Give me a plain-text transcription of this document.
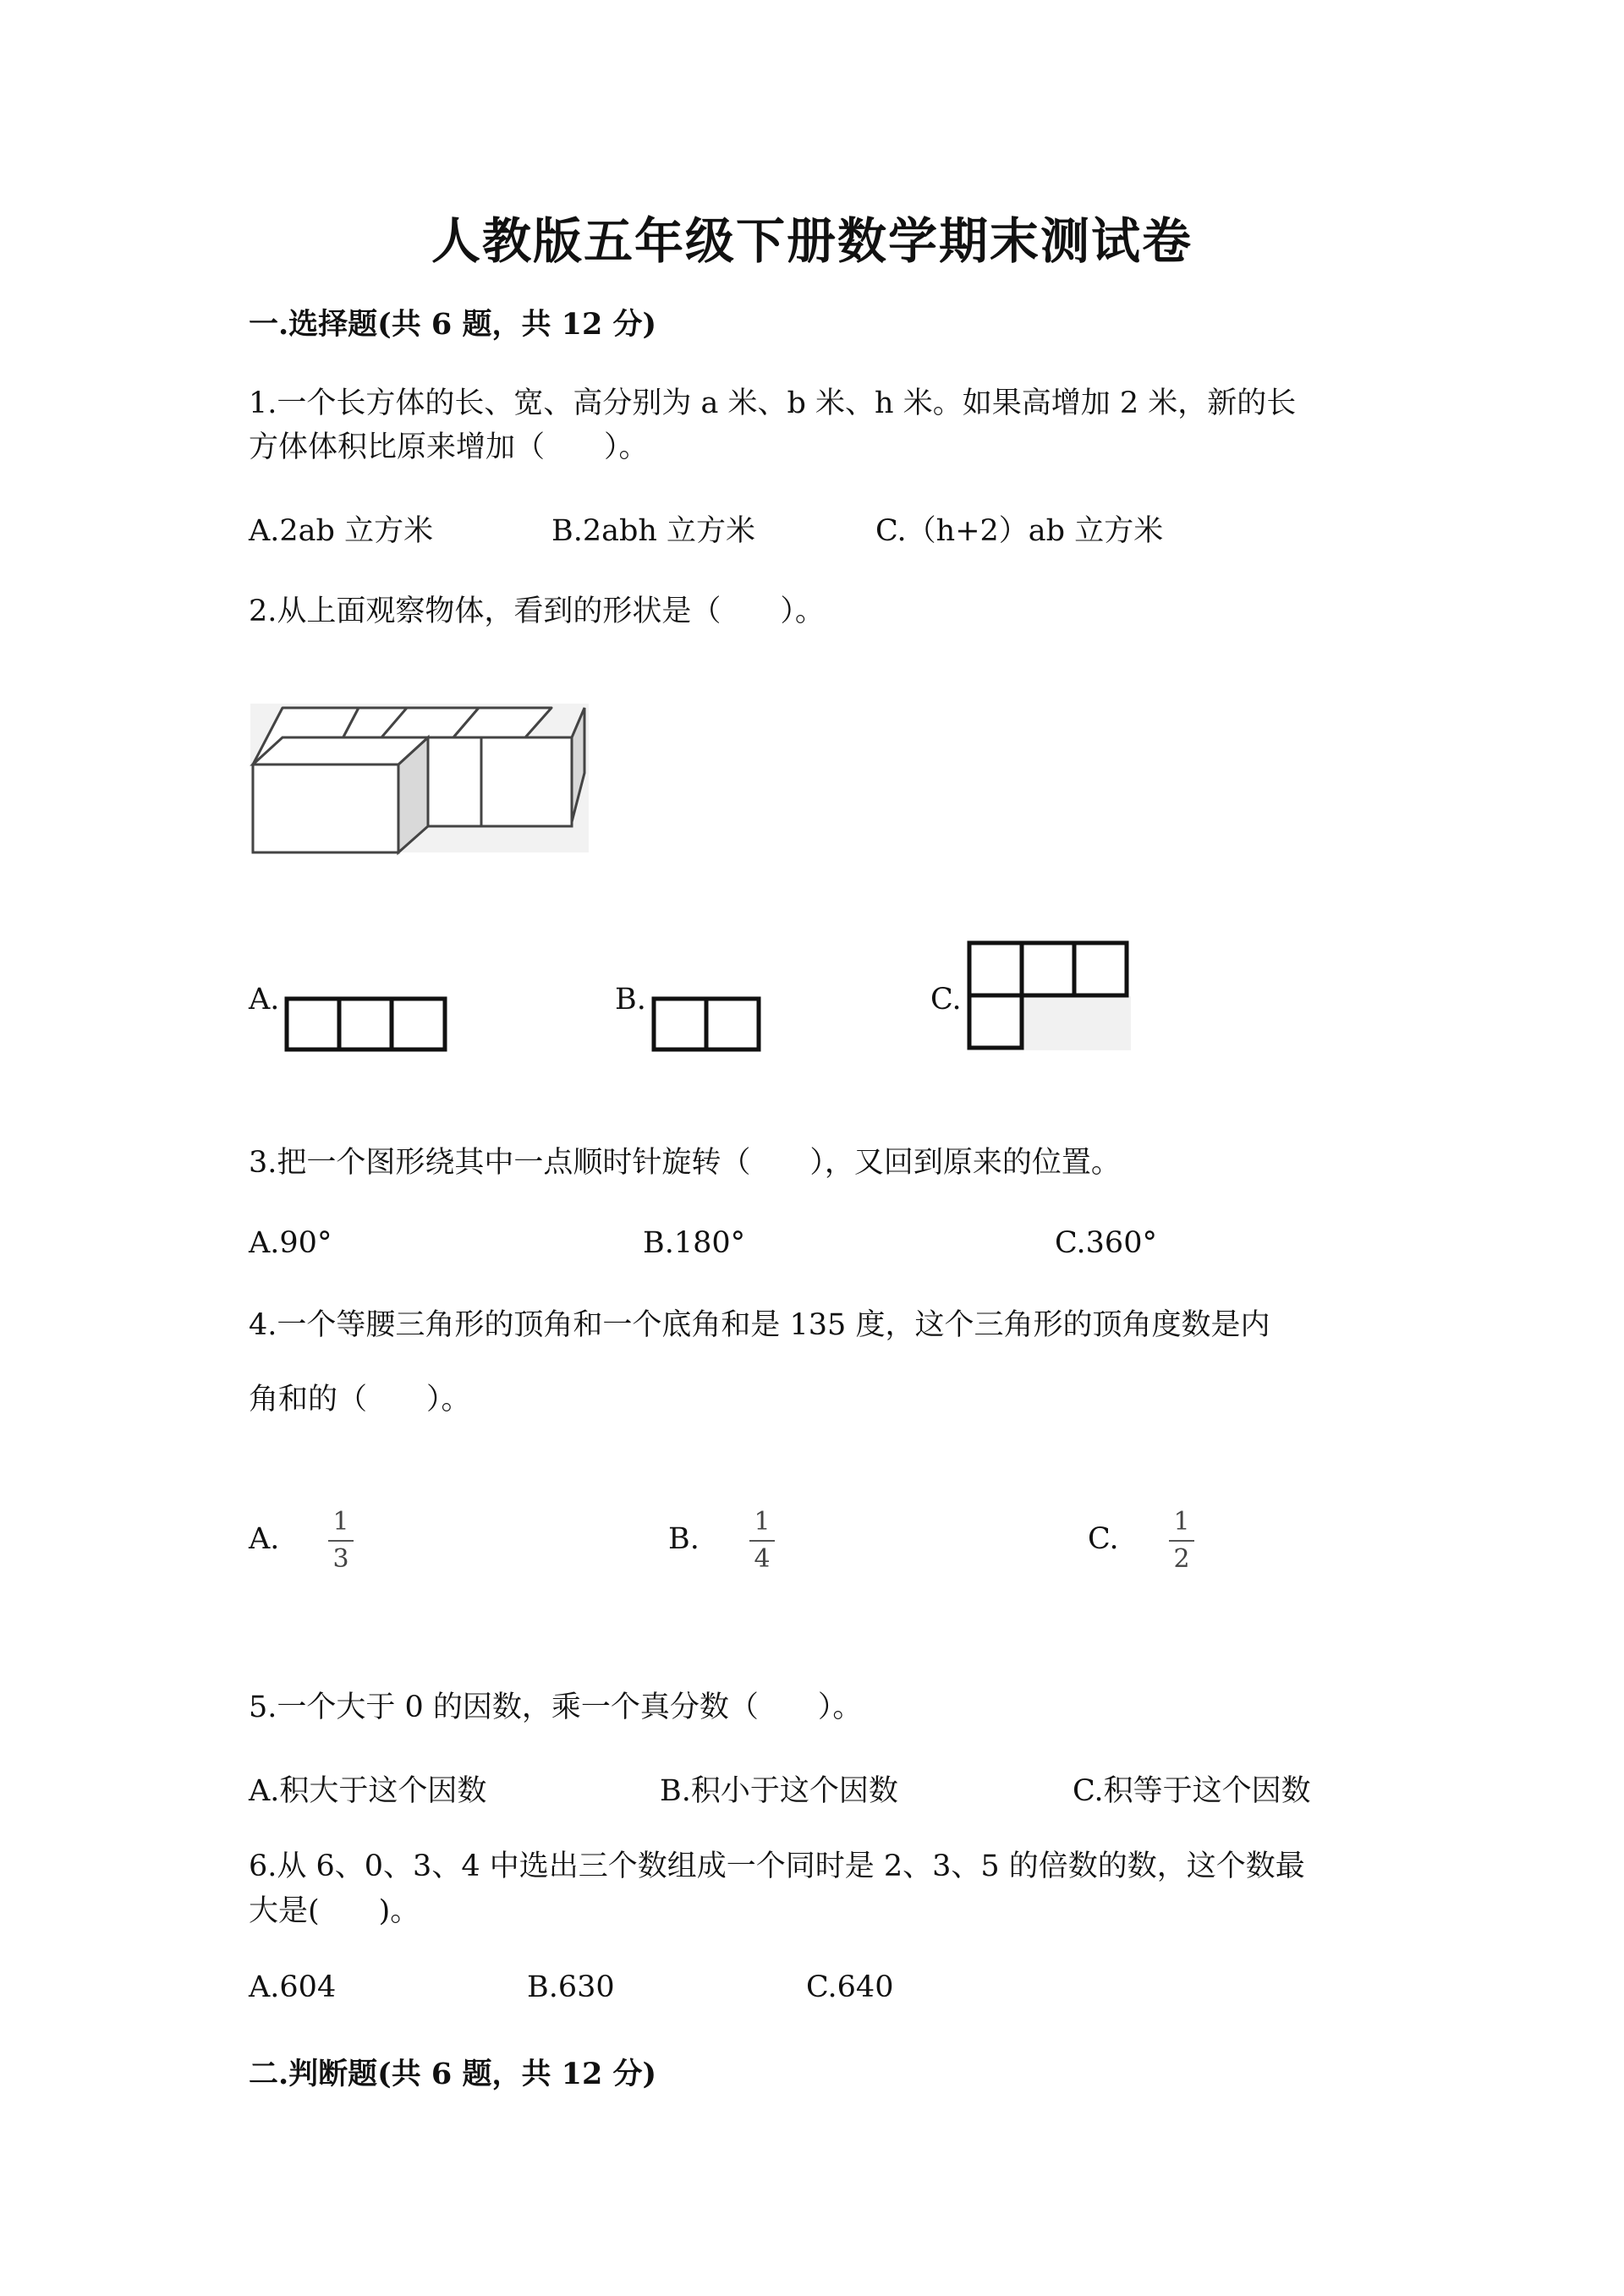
人教版五年级下册数学期末测试卷
一.选择题(共 6 题，共 12 分)
1.一个长方体的长、宽、高分别为 a 米、b 米、h 米。如果高增加 2 米，新的长
方体体积比原来增加（　　）。
A.2ab 立方米	B.2abh 立方米	C.（h+2）ab 立方米
2.从上面观察物体，看到的形状是（　　）。
A.	B.	C.
3.把一个图形绕其中一点顺时针旋转（　　），又回到原来的位置。
A.90°	B.180°	C.360°
4.一个等腰三角形的顶角和一个底角和是 135 度，这个三角形的顶角度数是内
角和的（　　）。
A.
1
3
B.
1
4
C.
1
2
5.一个大于 0 的因数，乘一个真分数（　　）。
A.积大于这个因数	B.积小于这个因数	C.积等于这个因数
6.从 6、0、3、4 中选出三个数组成一个同时是 2、3、5 的倍数的数，这个数最
大是(　　)。
A.604	B.630	C.640
二.判断题(共 6 题，共 12 分)
